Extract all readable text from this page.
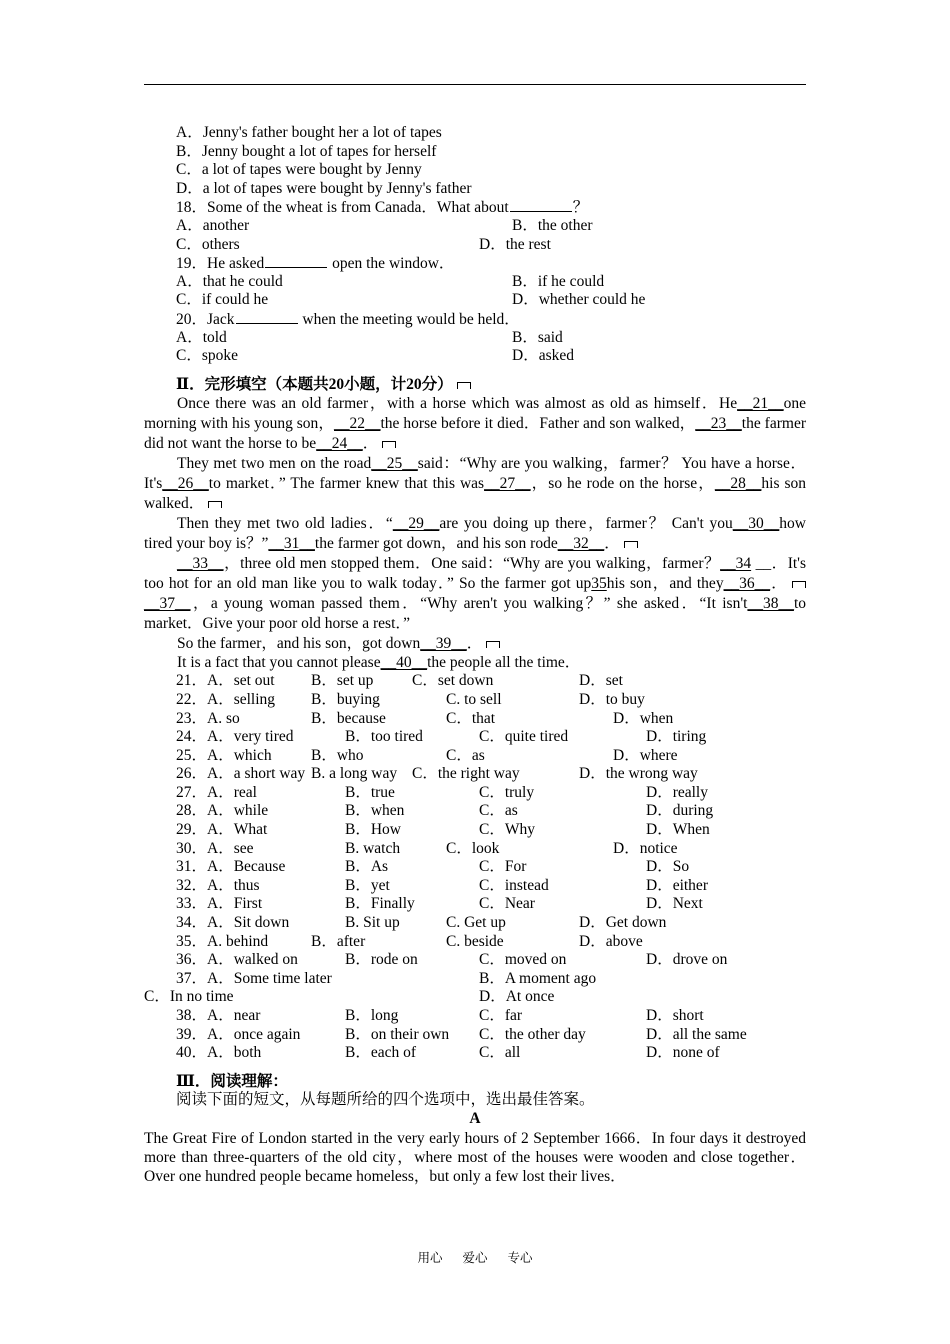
A．Jenny's father bought her a lot of tapes
B．Jenny bought a lot of tapes for herself
C．a lot of tapes were bought by Jenny
D．a lot of tapes were bought by Jenny's father
18．Some of the wheat is from Canada．What about	？
A．another	B．the other
C．others	D．the rest
19．He asked	open the window．
A．that he could	B．if he could
C．if could he	D．whether could he
20．Jack	when the meeting would be held．
A．told	B．said
C．spoke	D．asked
Ⅱ．完形填空（本题共20小题，计20分）
Once there was an old farmer，with a horse which was almost as old as himself．He__21__one morning with his young son，__22__the horse before it died．Father and son walked，__23__the farmer did not want the horse to be__24__．
They met two men on the road__25__said：“Why are you walking，farmer？ You have a horse．It's__26__to market．” The farmer knew that this was__27__，so he rode on the horse，__28__his son walked．
Then they met two old ladies．“__29__are you doing up there，farmer？ Can't you__30__how tired your boy is？”__31__the farmer got down，and his son rode__32__．
__33__，three old men stopped them．One said：“Why are you walking，farmer？__34 __．It's too hot for an old man like you to walk today．” So the farmer got up35his son，and they__36__．__37__，a young woman passed them．“Why aren't you walking？” she asked．“It isn't__38__to market．Give your poor old horse a rest．”
So the farmer，and his son，got down__39__．
It is a fact that you cannot please__40__the people all the time．
21．A．set out B．set up C．set down	D．set
22．A．selling B．buying	C. to sell	D．to buy
23．A. so	B．because	C．that	D．when
24．A．very tired	B．too tired	C．quite tired	D．tiring
25．A．which	B．who	C．as	D．where
26．A．a short way B. a long way C．the right way	D．the wrong way
27．A．real	B．true	C．truly	D．really
28．A．while	B．when	C．as	D．during
29．A．What	B．How	C．Why	D．When
30．A．see	B. watch	C．look	D．notice
31．A．Because	B．As	C．For	D．So
32．A．thus	B．yet	C．instead	D．either
33．A．First	B．Finally	C．Near	D．Next
34．A．Sit down	B. Sit up	C. Get up	D．Get down
35．A. behind	B．after	C. beside	D．above
36．A．walked on	B．rode on	C．moved on	D．drove on
37．A．Some time later	B．A moment ago
C．In no time	D．At once
38．A．near	B．long	C．far	D．short
39．A．once again	B．on their own C．the other day	D．all the same
40．A．both	B．each of	C．all	D．none of
Ⅲ．阅读理解：
阅读下面的短文，从每题所给的四个选项中，选出最佳答案。
A
The Great Fire of London started in the very early hours of 2 September 1666．In four days it destroyed more than three-quarters of the old city，where most of the houses were wooden and close together．Over one hundred people became homeless，but only a few lost their lives．
用心 爱心 专心
